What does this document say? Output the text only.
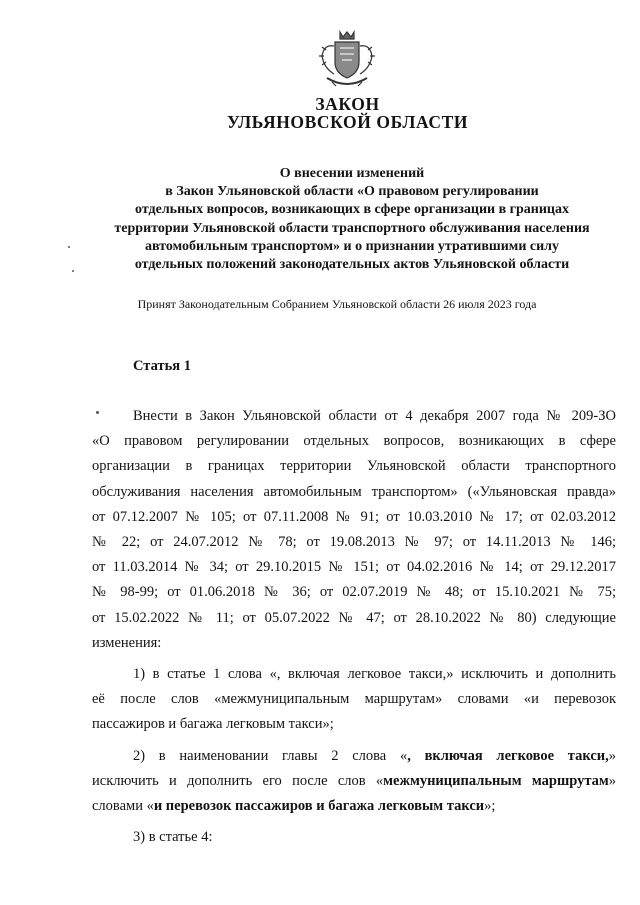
ЗАКОН
УЛЬЯНОВСКОЙ ОБЛАСТИ
О внесении изменений
в Закон Ульяновской области «О правовом регулировании
отдельных вопросов, возникающих в сфере организации в границах
территории Ульяновской области транспортного обслуживания населения
автомобильным транспортом» и о признании утратившими силу
отдельных положений законодательных актов Ульяновской области
Принят Законодательным Собранием Ульяновской области 26 июля 2023 года
Статья 1

Внести в Закон Ульяновской области от 4 декабря 2007 года № 209-ЗО

«О правовом регулировании отдельных вопросов, возникающих в сфере

организации в границах территории Ульяновской области транспортного

обслуживания населения автомобильным транспортом» («Ульяновская правда»

от 07.12.2007 № 105; от 07.11.2008 № 91; от 10.03.2010 № 17; от 02.03.2012

№ 22; от 24.07.2012 № 78; от 19.08.2013 № 97; от 14.11.2013 № 146;

от 11.03.2014 № 34; от 29.10.2015 № 151; от 04.02.2016 № 14; от 29.12.2017

№ 98-99; от 01.06.2018 № 36; от 02.07.2019 № 48; от 15.10.2021 № 75;

от 15.02.2022 № 11; от 05.07.2022 № 47; от 28.10.2022 № 80) следующие

изменения:

1) в статье 1 слова «, включая легковое такси,» исключить и дополнить

её после слов «межмуниципальным маршрутам» словами «и перевозок

пассажиров и багажа легковым такси»;

2) в наименовании главы 2 слова «, включая легковое такси,»

исключить и дополнить его после слов «межмуниципальным маршрутам»

словами «и перевозок пассажиров и багажа легковым такси»;

3) в статье 4:
